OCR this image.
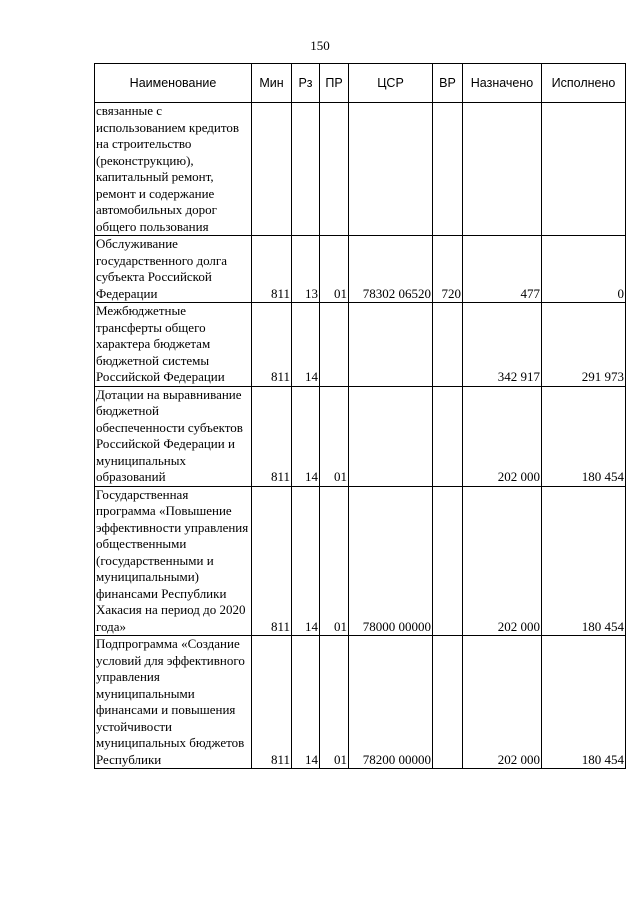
150
Наименование	Мин	Рз	ПР	ЦСР	ВР	Назначено	Исполнено
связанные с использованием кредитов на строительство (реконструкцию), капитальный ремонт, ремонт и содержание автомобильных дорог общего пользования							
Обслуживание государственного долга субъекта Российской Федерации	811	13	01	78302 06520	720	477	0
Межбюджетные трансферты общего характера бюджетам бюджетной системы Российской Федерации	811	14				342 917	291 973
Дотации на выравнивание бюджетной обеспеченности субъектов Российской Федерации и муниципальных образований	811	14	01			202 000	180 454
Государственная программа «Повышение эффективности управления общественными (государственными и муниципальными) финансами Республики Хакасия на период до 2020 года»	811	14	01	78000 00000		202 000	180 454
Подпрограмма «Создание условий для эффективного управления муниципальными финансами и повышения устойчивости муниципальных бюджетов Республики	811	14	01	78200 00000		202 000	180 454
